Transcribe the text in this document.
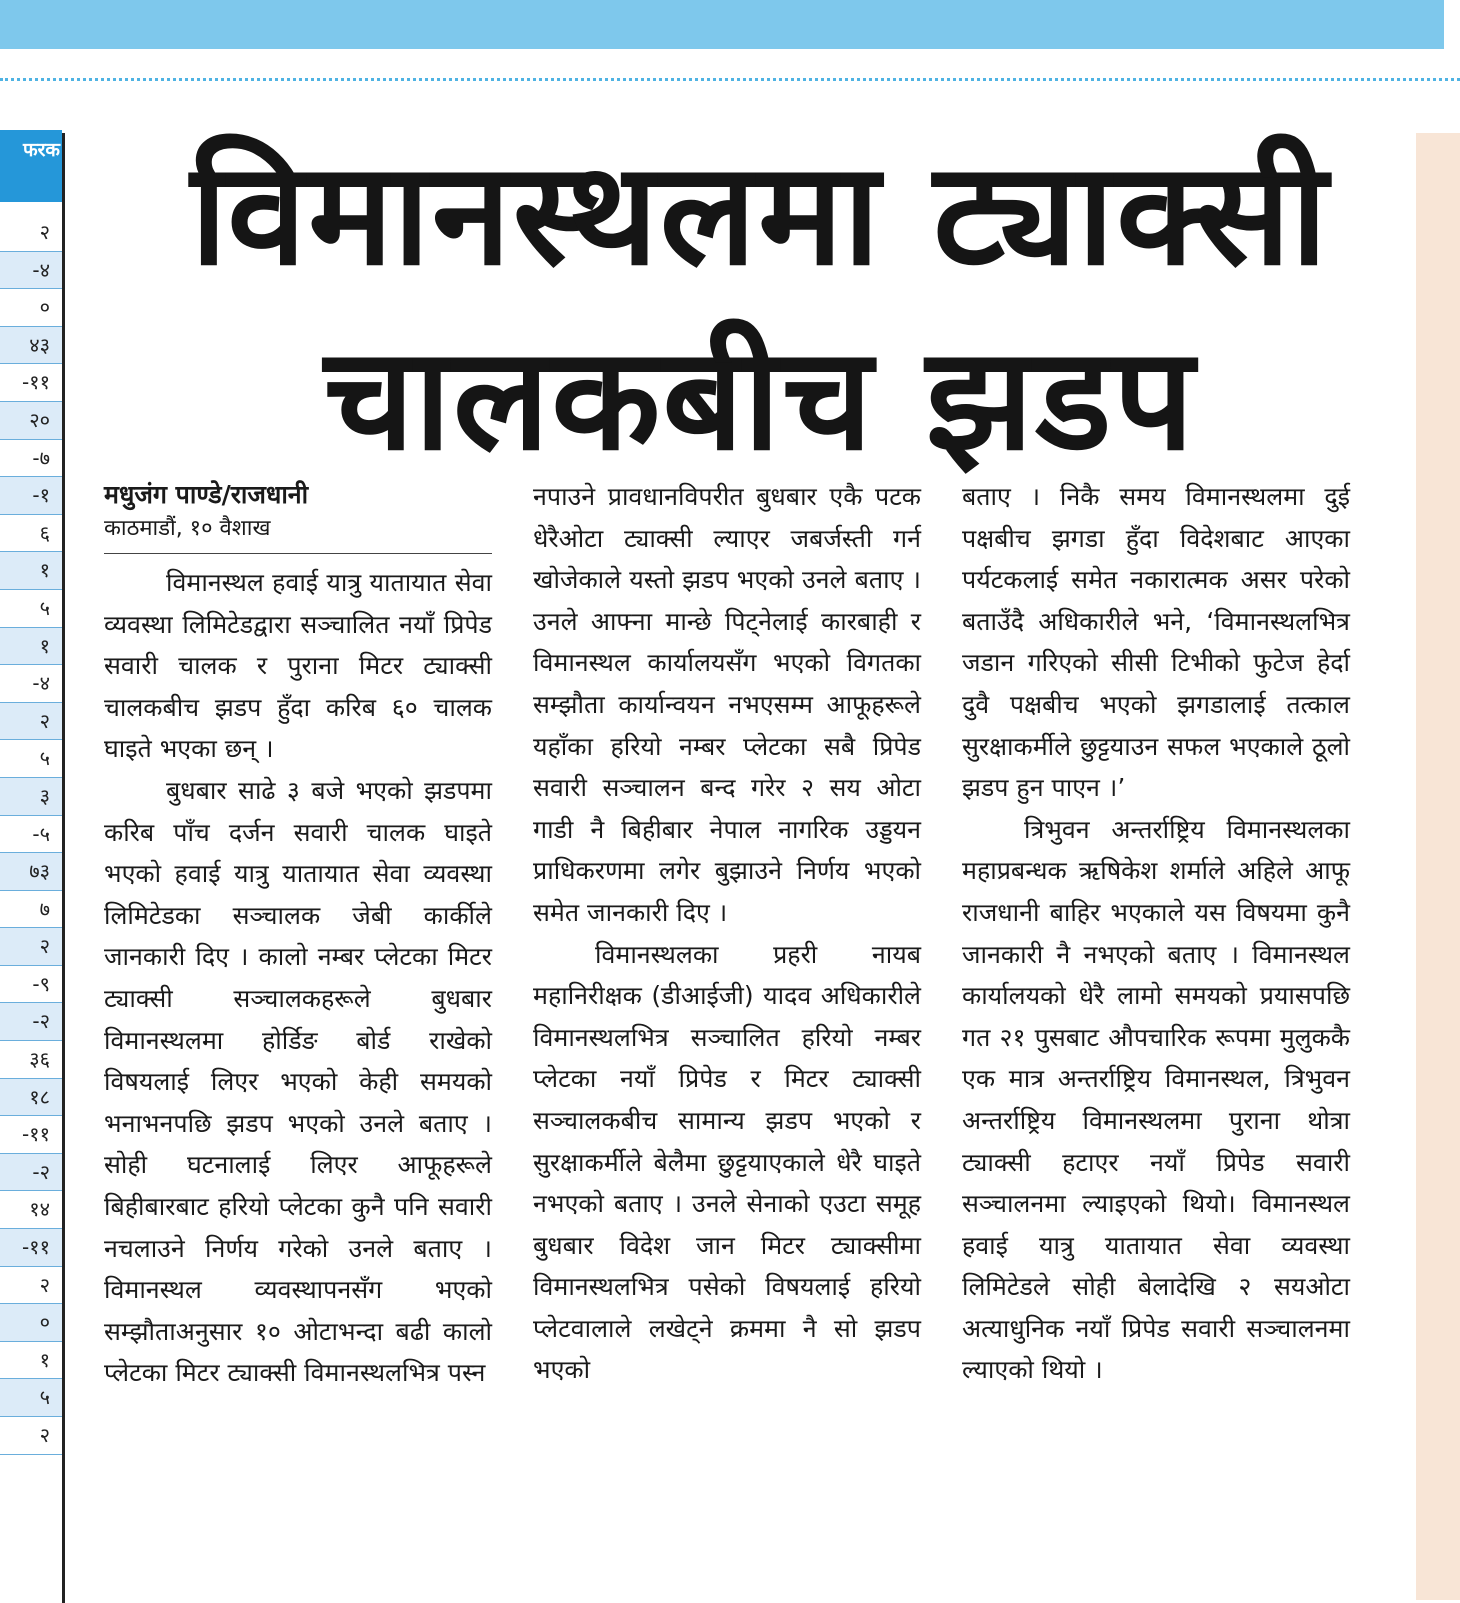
फरक
२
-४
०
४३
-११
२०
-७
-१
६
१
५
१
-४
२
५
३
-५
७३
७
२
-९
-२
३६
१८
-११
-२
१४
-११
२
०
१
५
२
विमानस्थलमा ट्याक्सी
चालकबीच झडप
मधुजंग पाण्डे/राजधानी
काठमाडौं, १० वैशाख

विमानस्थल हवाई यात्रु यातायात सेवा व्यवस्था लिमिटेडद्वारा सञ्चालित नयाँ प्रिपेड सवारी चालक र पुराना मिटर ट्याक्सी चालकबीच झडप हुँदा करिब ६० चालक घाइते भएका छन् ।

बुधबार साढे ३ बजे भएको झडपमा करिब पाँच दर्जन सवारी चालक घाइते भएको हवाई यात्रु यातायात सेवा व्यवस्था लिमिटेडका सञ्चालक जेबी कार्कीले जानकारी दिए । कालो नम्बर प्लेटका मिटर ट्याक्सी सञ्चालकहरूले बुधबार विमानस्थलमा होर्डिङ बोर्ड राखेको विषयलाई लिएर भएको केही समयको भनाभनपछि झडप भएको उनले बताए । सोही घटनालाई लिएर आफूहरूले बिहीबारबाट हरियो प्लेटका कुनै पनि सवारी नचलाउने निर्णय गरेको उनले बताए । विमानस्थल व्यवस्थापनसँग भएको सम्झौताअनुसार १० ओटाभन्दा बढी कालो प्लेटका मिटर ट्याक्सी विमानस्थलभित्र पस्न

नपाउने प्रावधानविपरीत बुधबार एकै पटक धेरैओटा ट्याक्सी ल्याएर जबर्जस्ती गर्न खोजेकाले यस्तो झडप भएको उनले बताए । उनले आफ्ना मान्छे पिट्नेलाई कारबाही र विमानस्थल कार्यालयसँग भएको विगतका सम्झौता कार्यान्वयन नभएसम्म आफूहरूले यहाँका हरियो नम्बर प्लेटका सबै प्रिपेड सवारी सञ्चालन बन्द गरेर २ सय ओटा गाडी नै बिहीबार नेपाल नागरिक उड्डयन प्राधिकरणमा लगेर बुझाउने निर्णय भएको समेत जानकारी दिए ।

विमानस्थलका प्रहरी नायब महानिरीक्षक (डीआईजी) यादव अधिकारीले विमानस्थलभित्र सञ्चालित हरियो नम्बर प्लेटका नयाँ प्रिपेड र मिटर ट्याक्सी सञ्चालकबीच सामान्य झडप भएको र सुरक्षाकर्मीले बेलैमा छुट्टयाएकाले धेरै घाइते नभएको बताए । उनले सेनाको एउटा समूह बुधबार विदेश जान मिटर ट्याक्सीमा विमानस्थलभित्र पसेको विषयलाई हरियो प्लेटवालाले लखेट्ने क्रममा नै सो झडप भएको

बताए । निकै समय विमानस्थलमा दुई पक्षबीच झगडा हुँदा विदेशबाट आएका पर्यटकलाई समेत नकारात्मक असर परेको बताउँदै अधिकारीले भने, ‘विमानस्थलभित्र जडान गरिएको सीसी टिभीको फुटेज हेर्दा दुवै पक्षबीच भएको झगडालाई तत्काल सुरक्षाकर्मीले छुट्टयाउन सफल भएकाले ठूलो झडप हुन पाएन ।’

त्रिभुवन अन्तर्राष्ट्रिय विमानस्थलका महाप्रबन्धक ऋषिकेश शर्माले अहिले आफू राजधानी बाहिर भएकाले यस विषयमा कुनै जानकारी नै नभएको बताए । विमानस्थल कार्यालयको धेरै लामो समयको प्रयासपछि गत २१ पुसबाट औपचारिक रूपमा मुलुककै एक मात्र अन्तर्राष्ट्रिय विमानस्थल, त्रिभुवन अन्तर्राष्ट्रिय विमानस्थलमा पुराना थोत्रा ट्याक्सी हटाएर नयाँ प्रिपेड सवारी सञ्चालनमा ल्याइएको थियो। विमानस्थल हवाई यात्रु यातायात सेवा व्यवस्था लिमिटेडले सोही बेलादेखि २ सयओटा अत्याधुनिक नयाँ प्रिपेड सवारी सञ्चालनमा ल्याएको थियो ।
